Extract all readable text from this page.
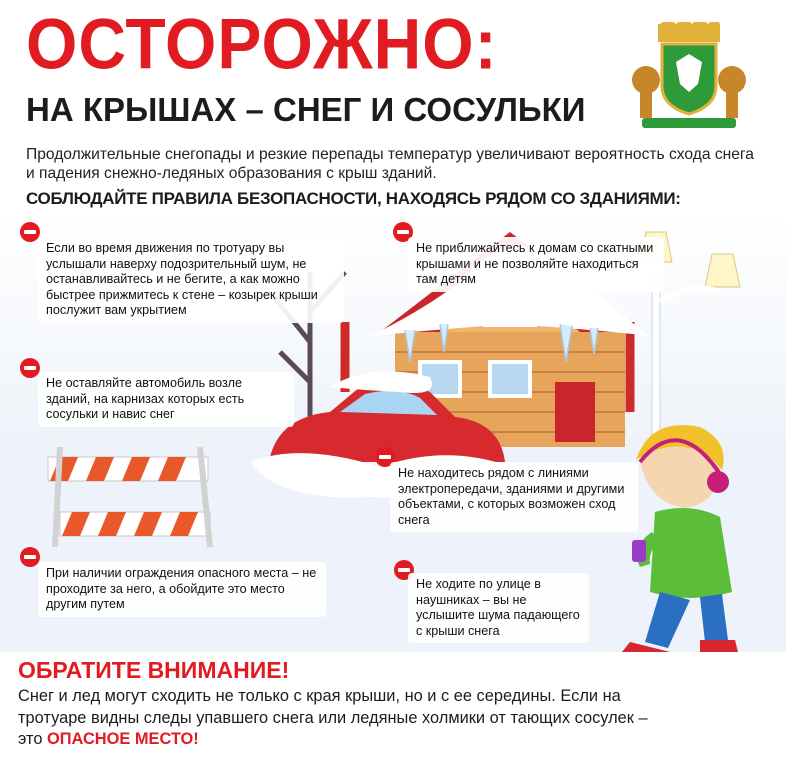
ОСТОРОЖНО:
НА КРЫШАХ – СНЕГ И СОСУЛЬКИ
Продолжительные снегопады и резкие перепады температур увеличивают вероятность схода снега и падения снежно-ледяных образования с крыш зданий.
СОБЛЮДАЙТЕ ПРАВИЛА БЕЗОПАСНОСТИ, НАХОДЯСЬ РЯДОМ СО ЗДАНИЯМИ:
Если во время движения по тротуару вы услышали наверху подозрительный шум, не останавливайтесь и не бегите, а как можно быстрее прижмитесь к стене – козырек крыши послужит вам укрытием
Не приближайтесь к домам со скатными крышами и не позволяйте находиться там детям
Не оставляйте автомобиль возле зданий, на карнизах которых есть сосульки и навис снег
Не находитесь рядом с линиями электропередачи, зданиями и другими объектами, с которых возможен сход снега
При наличии ограждения опасного места – не проходите за него, а обойдите это место другим путем
Не ходите по улице в наушниках – вы не услышите шума падающего с крыши снега
ОБРАТИТЕ ВНИМАНИЕ!
Снег и лед могут сходить не только с края крыши, но и с ее середины. Если на тротуаре видны следы упавшего снега или ледяные холмики от тающих сосулек – это ОПАСНОЕ МЕСТО!
